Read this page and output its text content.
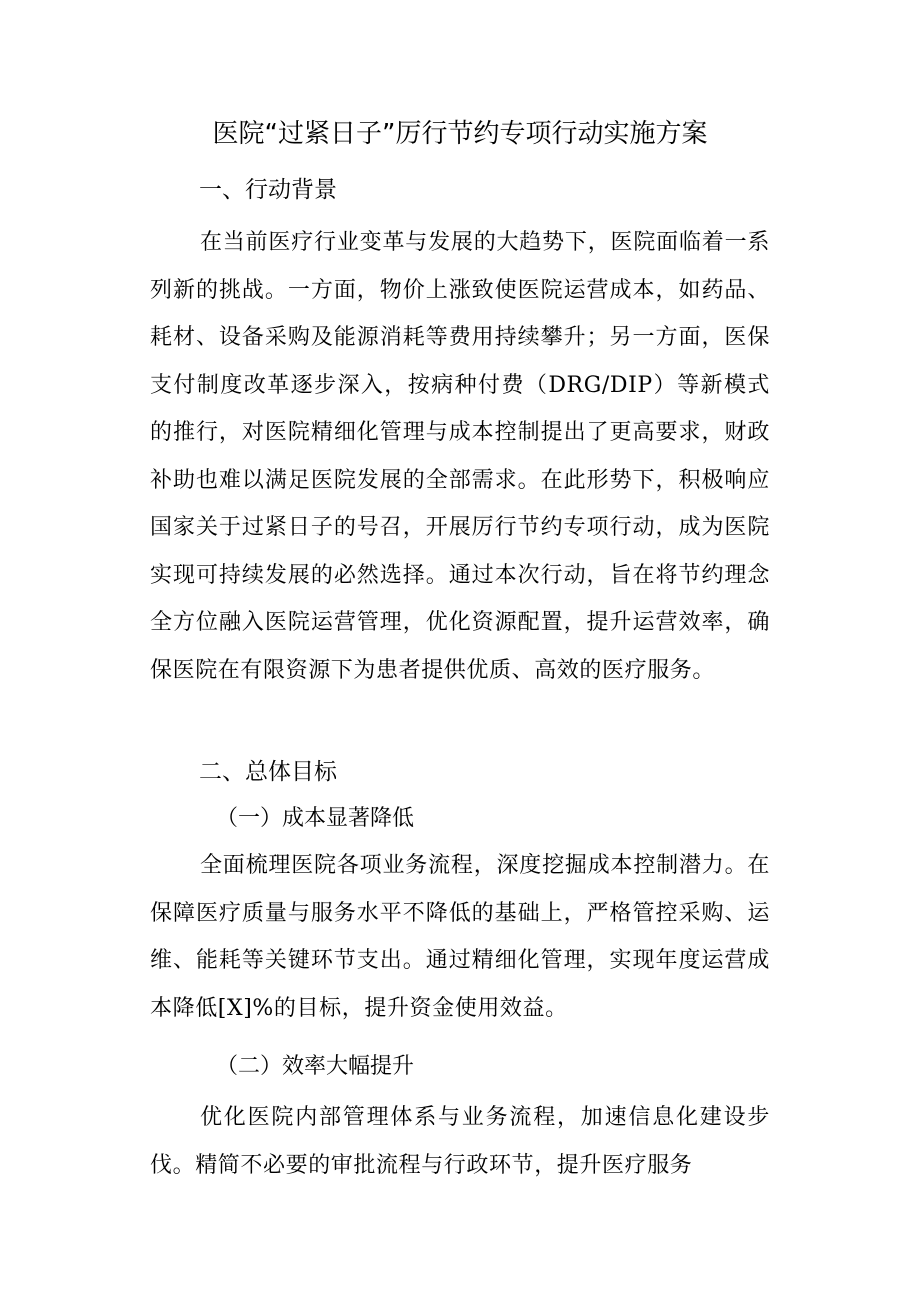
医院“过紧日子”厉行节约专项行动实施方案
一、行动背景

在当前医疗行业变革与发展的大趋势下，医院面临着一系列新的挑战。一方面，物价上涨致使医院运营成本，如药品、耗材、设备采购及能源消耗等费用持续攀升；另一方面，医保支付制度改革逐步深入，按病种付费（DRG/DIP）等新模式的推行，对医院精细化管理与成本控制提出了更高要求，财政补助也难以满足医院发展的全部需求。在此形势下，积极响应国家关于过紧日子的号召，开展厉行节约专项行动，成为医院实现可持续发展的必然选择。通过本次行动，旨在将节约理念全方位融入医院运营管理，优化资源配置，提升运营效率，确保医院在有限资源下为患者提供优质、高效的医疗服务。

二、总体目标
（一）成本显著降低

全面梳理医院各项业务流程，深度挖掘成本控制潜力。在保障医疗质量与服务水平不降低的基础上，严格管控采购、运维、能耗等关键环节支出。通过精细化管理，实现年度运营成本降低[X]%的目标，提升资金使用效益。

（二）效率大幅提升

优化医院内部管理体系与业务流程，加速信息化建设步伐。精简不必要的审批流程与行政环节，提升医疗服务
